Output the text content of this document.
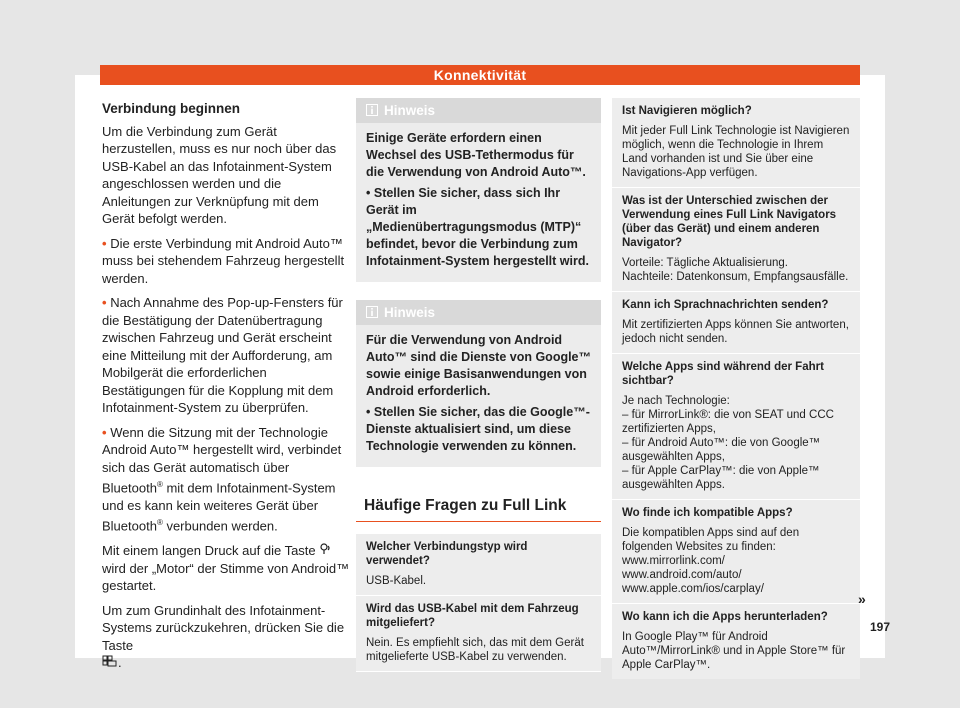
Konnektivität
Verbindung beginnen

Um die Verbindung zum Gerät herzustellen, muss es nur noch über das USB-Kabel an das Infotainment-System angeschlossen werden und die Anleitungen zur Verknüpfung mit dem Gerät befolgt werden.

• Die erste Verbindung mit Android Auto™ muss bei stehendem Fahrzeug hergestellt werden.

• Nach Annahme des Pop-up-Fensters für die Bestätigung der Datenübertragung zwischen Fahrzeug und Gerät erscheint eine Mitteilung mit der Aufforderung, am Mobilgerät die erforderlichen Bestätigungen für die Kopplung mit dem Infotainment-System zu überprüfen.

• Wenn die Sitzung mit der Technologie Android Auto™ hergestellt wird, verbindet sich das Gerät automatisch über Bluetooth® mit dem Infotainment-System und es kann kein weiteres Gerät über Bluetooth® verbunden werden.

Mit einem langen Druck auf die Taste  wird der „Motor“ der Stimme von Android™ gestartet.

Um zum Grundinhalt des Infotainment-Systems zurückzukehren, drücken Sie die Taste
.

Hinweis

Einige Geräte erfordern einen Wechsel des USB-Tethermodus für die Verwendung von Android Auto™.

• Stellen Sie sicher, dass sich Ihr Gerät im „Medienübertragungsmodus (MTP)“ befindet, bevor die Verbindung zum Infotainment-System hergestellt wird.

Hinweis

Für die Verwendung von Android Auto™ sind die Dienste von Google™ sowie einige Basisanwendungen von Android erforderlich.

• Stellen Sie sicher, das die Google™-Dienste aktualisiert sind, um diese Technologie verwenden zu können.

Häufige Fragen zu Full Link
Welcher Verbindungstyp wird verwendet?
USB-Kabel.
Wird das USB-Kabel mit dem Fahrzeug mitgeliefert?
Nein. Es empfiehlt sich, das mit dem Gerät mitgelieferte USB-Kabel zu verwenden.
Ist Navigieren möglich?
Mit jeder Full Link Technologie ist Navigieren möglich, wenn die Technologie in Ihrem Land vorhanden ist und Sie über eine Navigations-App verfügen.
Was ist der Unterschied zwischen der Verwendung eines Full Link Navigators (über das Gerät) und einem anderen Navigator?
Vorteile: Tägliche Aktualisierung.
Nachteile: Datenkonsum, Empfangsausfälle.
Kann ich Sprachnachrichten senden?
Mit zertifizierten Apps können Sie antworten, jedoch nicht senden.
Welche Apps sind während der Fahrt sichtbar?
Je nach Technologie:
– für MirrorLink®: die von SEAT und CCC zertifizierten Apps,
– für Android Auto™: die von Google™ ausgewählten Apps,
– für Apple CarPlay™: die von Apple™ ausgewählten Apps.
Wo finde ich kompatible Apps?
Die kompatiblen Apps sind auf den folgenden Websites zu finden:
www.mirrorlink.com/
www.android.com/auto/
www.apple.com/ios/carplay/
Wo kann ich die Apps herunterladen?
In Google Play™ für Android Auto™/MirrorLink® und in Apple Store™ für Apple CarPlay™.
»
197
